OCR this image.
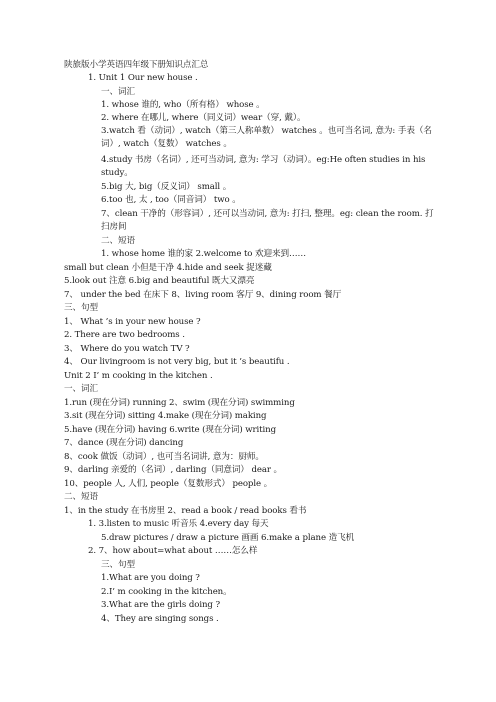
陕旅版小学英语四年级下册知识点汇总
1. Unit 1 Our new house .
一、词汇
1. whose 谁的, who（所有格） whose 。
2. where 在哪儿, where（同义词）wear（穿, 戴）。
3.watch 看（动词）, watch（第三人称单数） watches 。也可当名词, 意为: 手表（名
词）, watch（复数） watches 。
4.study 书房（名词）, 还可当动词, 意为: 学习（动词）。eg:He often studies in his
study。
5.big 大, big（反义词） small 。
6.too 也, 太 , too（同音词） two 。
7、clean 干净的（形容词）, 还可以当动词, 意为: 打扫, 整理。eg: clean the room. 打
扫房间
二、短语
1. whose home 谁的家 2.welcome to 欢迎来到……
small but clean 小但是干净 4.hide and seek 捉迷藏
5.look out 注意 6.big and beautiful 既大又漂亮
7、 under the bed 在床下 8、living room 客厅 9、dining room 餐厅
三、句型
1、 What ’s in your new house ?
2. There are two bedrooms .
3、 Where do you watch TV ?
4、 Our livingroom is not very big, but it ’s beautifu .
Unit 2 I’ m cooking in the kitchen .
一、词汇
1.run (现在分词) running 2、swim (现在分词) swimming
3.sit (现在分词) sitting 4.make (现在分词) making
5.have (现在分词) having 6.write (现在分词) writing
7、dance (现在分词) dancing
8、cook 做饭（动词）, 也可当名词讲, 意为：厨师。
9、darling 亲爱的（名词）, darling（同意词） dear 。
10、people 人, 人们, people（复数形式） people 。
二、短语
1、in the study 在书房里 2、read a book / read books 看书
1. 3.listen to music 听音乐 4.every day 每天
5.draw pictures / draw a picture 画画 6.make a plane 造飞机
2. 7、how about=what about ……怎么样
三、句型
1.What are you doing ?
2.I’ m cooking in the kitchen。
3.What are the girls doing ?
4、They are singing songs .
